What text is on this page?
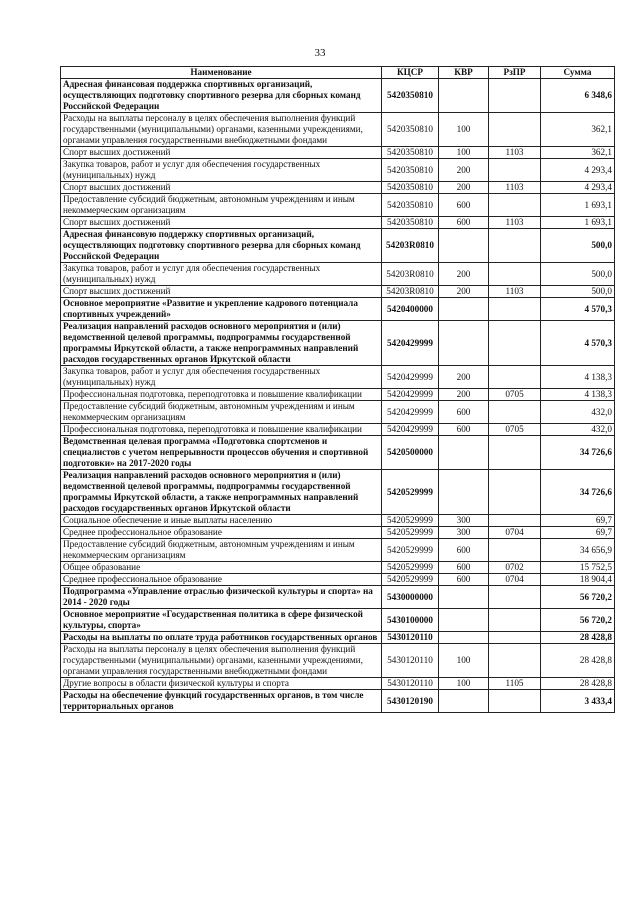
33
Наименование	КЦСР	КВР	РзПР	Сумма
Адресная финансовая поддержка спортивных организаций, осуществляющих подготовку спортивного резерва для сборных команд Российской Федерации	5420350810			6 348,6
Расходы на выплаты персоналу в целях обеспечения выполнения функций государственными (муниципальными) органами, казенными учреждениями, органами управления государственными внебюджетными фондами	5420350810	100		362,1
Спорт высших достижений	5420350810	100	1103	362,1
Закупка товаров, работ и услуг для обеспечения государственных (муниципальных) нужд	5420350810	200		4 293,4
Спорт высших достижений	5420350810	200	1103	4 293,4
Предоставление субсидий бюджетным, автономным учреждениям и иным некоммерческим организациям	5420350810	600		1 693,1
Спорт высших достижений	5420350810	600	1103	1 693,1
Адресная финансовую поддержку спортивных организаций, осуществляющих подготовку спортивного резерва для сборных команд Российской Федерации	54203R0810			500,0
Закупка товаров, работ и услуг для обеспечения государственных (муниципальных) нужд	54203R0810	200		500,0
Спорт высших достижений	54203R0810	200	1103	500,0
Основное мероприятие «Развитие и укрепление кадрового потенциала спортивных учреждений»	5420400000			4 570,3
Реализация направлений расходов основного мероприятия и (или) ведомственной целевой программы, подпрограммы государственной программы Иркутской области, а также непрограммных направлений расходов государственных органов Иркутской области	5420429999			4 570,3
Закупка товаров, работ и услуг для обеспечения государственных (муниципальных) нужд	5420429999	200		4 138,3
Профессиональная подготовка, переподготовка и повышение квалификации	5420429999	200	0705	4 138,3
Предоставление субсидий бюджетным, автономным учреждениям и иным некоммерческим организациям	5420429999	600		432,0
Профессиональная подготовка, переподготовка и повышение квалификации	5420429999	600	0705	432,0
Ведомственная целевая программа «Подготовка спортсменов и специалистов с учетом непрерывности процессов обучения и спортивной подготовки» на 2017-2020 годы	5420500000			34 726,6
Реализация направлений расходов основного мероприятия и (или) ведомственной целевой программы, подпрограммы государственной программы Иркутской области, а также непрограммных направлений расходов государственных органов Иркутской области	5420529999			34 726,6
Социальное обеспечение и иные выплаты населению	5420529999	300		69,7
Среднее профессиональное образование	5420529999	300	0704	69,7
Предоставление субсидий бюджетным, автономным учреждениям и иным некоммерческим организациям	5420529999	600		34 656,9
Общее образование	5420529999	600	0702	15 752,5
Среднее профессиональное образование	5420529999	600	0704	18 904,4
Подпрограмма «Управление отраслью физической культуры и спорта» на 2014 - 2020 годы	5430000000			56 720,2
Основное мероприятие «Государственная политика в сфере физической культуры, спорта»	5430100000			56 720,2
Расходы на выплаты по оплате труда работников государственных органов	5430120110			28 428,8
Расходы на выплаты персоналу в целях обеспечения выполнения функций государственными (муниципальными) органами, казенными учреждениями, органами управления государственными внебюджетными фондами	5430120110	100		28 428,8
Другие вопросы в области физической культуры и спорта	5430120110	100	1105	28 428,8
Расходы на обеспечение функций государственных органов, в том числе территориальных органов	5430120190			3 433,4
